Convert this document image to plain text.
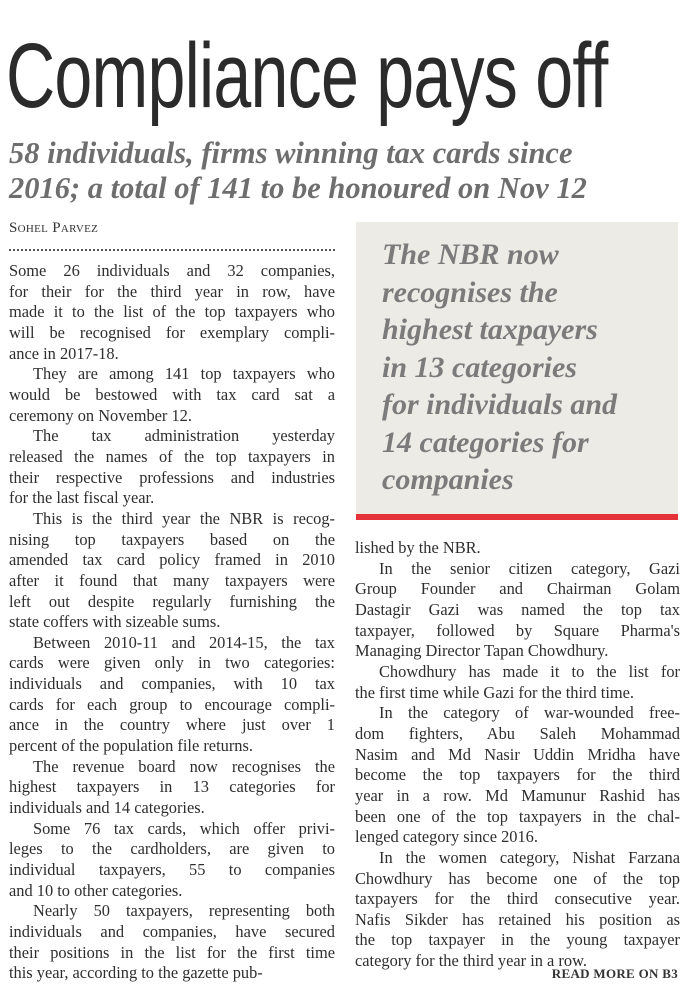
Compliance pays off
58 individuals, firms winning tax cards since
2016; a total of 141 to be honoured on Nov 12
Sohel Parvez
Some 26 individuals and 32 companies,
for their for the third year in row, have
made it to the list of the top taxpayers who
will be recognised for exemplary compli-
ance in 2017-18.
They are among 141 top taxpayers who
would be bestowed with tax card sat a
ceremony on November 12.
The tax administration yesterday
released the names of the top taxpayers in
their respective professions and industries
for the last fiscal year.
This is the third year the NBR is recog-
nising top taxpayers based on the
amended tax card policy framed in 2010
after it found that many taxpayers were
left out despite regularly furnishing the
state coffers with sizeable sums.
Between 2010-11 and 2014-15, the tax
cards were given only in two categories:
individuals and companies, with 10 tax
cards for each group to encourage compli-
ance in the country where just over 1
percent of the population file returns.
The revenue board now recognises the
highest taxpayers in 13 categories for
individuals and 14 categories.
Some 76 tax cards, which offer privi-
leges to the cardholders, are given to
individual taxpayers, 55 to companies
and 10 to other categories.
Nearly 50 taxpayers, representing both
individuals and companies, have secured
their positions in the list for the first time
this year, according to the gazette pub-
The NBR now
recognises the
highest taxpayers
in 13 categories
for individuals and
14 categories for
companies
lished by the NBR.
In the senior citizen category, Gazi
Group Founder and Chairman Golam
Dastagir Gazi was named the top tax
taxpayer, followed by Square Pharma's
Managing Director Tapan Chowdhury.
Chowdhury has made it to the list for
the first time while Gazi for the third time.
In the category of war-wounded free-
dom fighters, Abu Saleh Mohammad
Nasim and Md Nasir Uddin Mridha have
become the top taxpayers for the third
year in a row. Md Mamunur Rashid has
been one of the top taxpayers in the chal-
lenged category since 2016.
In the women category, Nishat Farzana
Chowdhury has become one of the top
taxpayers for the third consecutive year.
Nafis Sikder has retained his position as
the top taxpayer in the young taxpayer
category for the third year in a row.
READ MORE ON B3
